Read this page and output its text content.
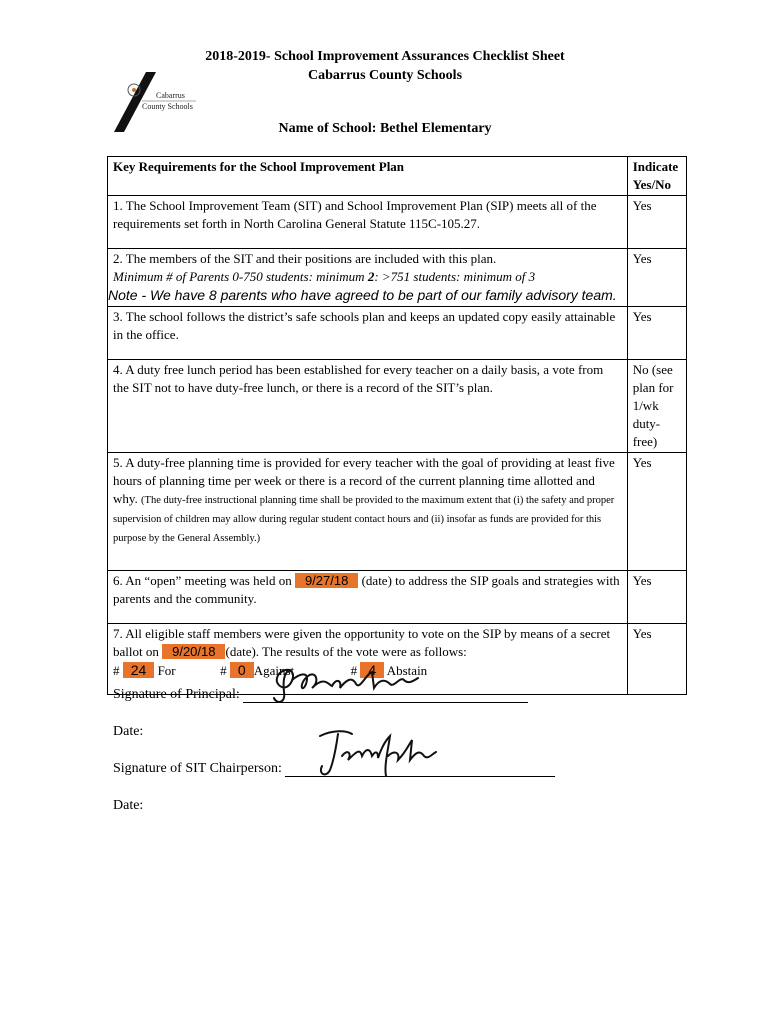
2018-2019- School Improvement Assurances Checklist Sheet
Cabarrus County Schools
Cabarrus
County Schools
Name of School: Bethel Elementary
Key Requirements for the School Improvement Plan	Indicate
Yes/No

1. The School Improvement Team (SIT) and School Improvement Plan (SIP) meets all of the requirements set forth in North Carolina General Statute 115C-105.27.	Yes

2. The members of the SIT and their positions are included with this plan.
Minimum # of Parents 0-750 students: minimum 2: >751 students: minimum of 3
Note - We have 8 parents who have agreed to be part of our family advisory team.	Yes
3. The school follows the district’s safe schools plan and keeps an updated copy easily attainable in the office.	Yes
4. A duty free lunch period has been established for every teacher on a daily basis, a vote from the SIT not to have duty-free lunch, or there is a record of the SIT’s plan.	No (see plan for 1/wk duty-free)
5. A duty-free planning time is provided for every teacher with the goal of providing at least five hours of planning time per week or there is a record of the current planning time allotted and why. (The duty-free instructional planning time shall be provided to the maximum extent that (i) the safety and proper supervision of children may allow during regular student contact hours and (ii) insofar as funds are provided for this purpose by the General Assembly.)	Yes
6. An “open” meeting was held on 9/27/18 (date) to address the SIP goals and strategies with parents and the community.	Yes
7. All eligible staff members were given the opportunity to vote on the SIP by means of a secret ballot on 9/20/18 (date). The results of the vote were as follows:
# 24 For # 0 Against # 4 Abstain	Yes
Signature of Principal:
Date:
Signature of SIT Chairperson:
Date:
